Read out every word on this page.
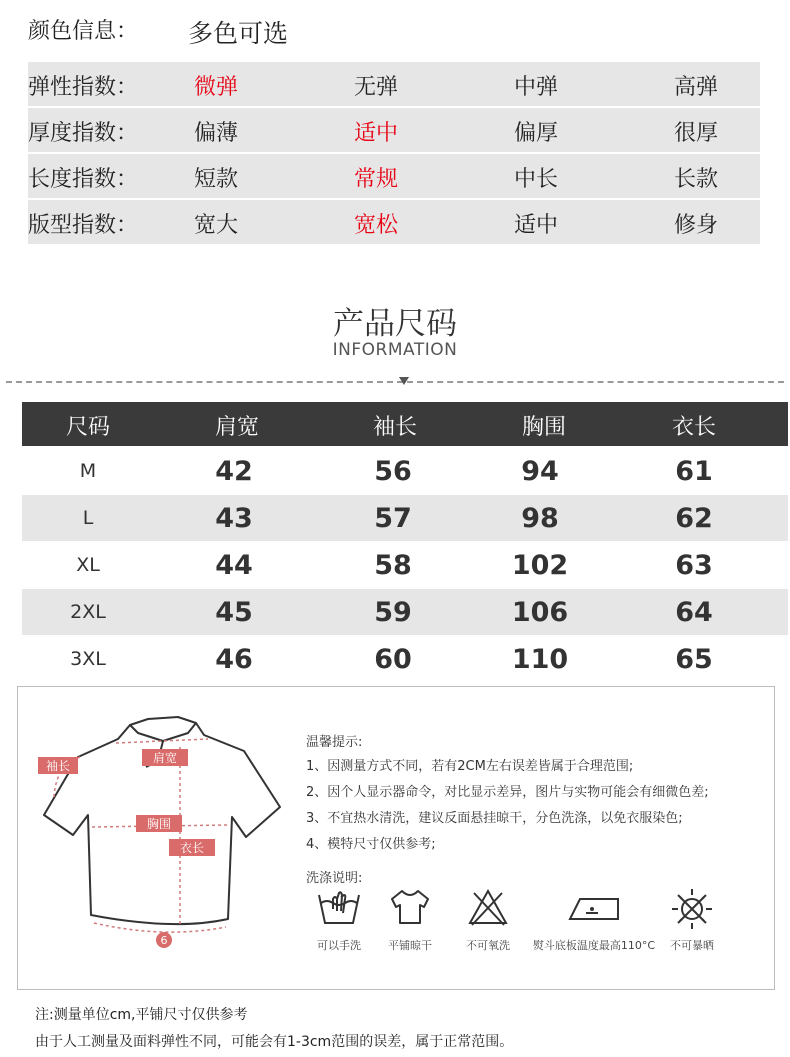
颜色信息： 多色可选
弹性指数：	微弹	无弹	中弹	高弹
厚度指数：	偏薄	适中	偏厚	很厚
长度指数：	短款	常规	中长	长款
版型指数：	宽大	宽松	适中	修身
产品尺码
INFORMATION
尺码	肩宽	袖长	胸围	衣长
M	42	56	94	61
L	43	57	98	62
XL	44	58	102	63
2XL	45	59	106	64
3XL	46	60	110	65
袖长
肩宽
胸围
衣长
6
温馨提示:
1、因测量方式不同，若有2CM左右误差皆属于合理范围;
2、因个人显示器命令，对比显示差异，图片与实物可能会有细微色差;
3、不宜热水清洗，建议反面悬挂晾干，分色洗涤，以免衣服染色;
4、模特尺寸仅供参考;
洗涤说明:
可以手洗 平铺晾干	不可氧洗 熨斗底板温度最高110°C 不可暴晒
注:测量单位cm,平铺尺寸仅供参考
由于人工测量及面料弹性不同，可能会有1-3cm范围的误差，属于正常范围。
